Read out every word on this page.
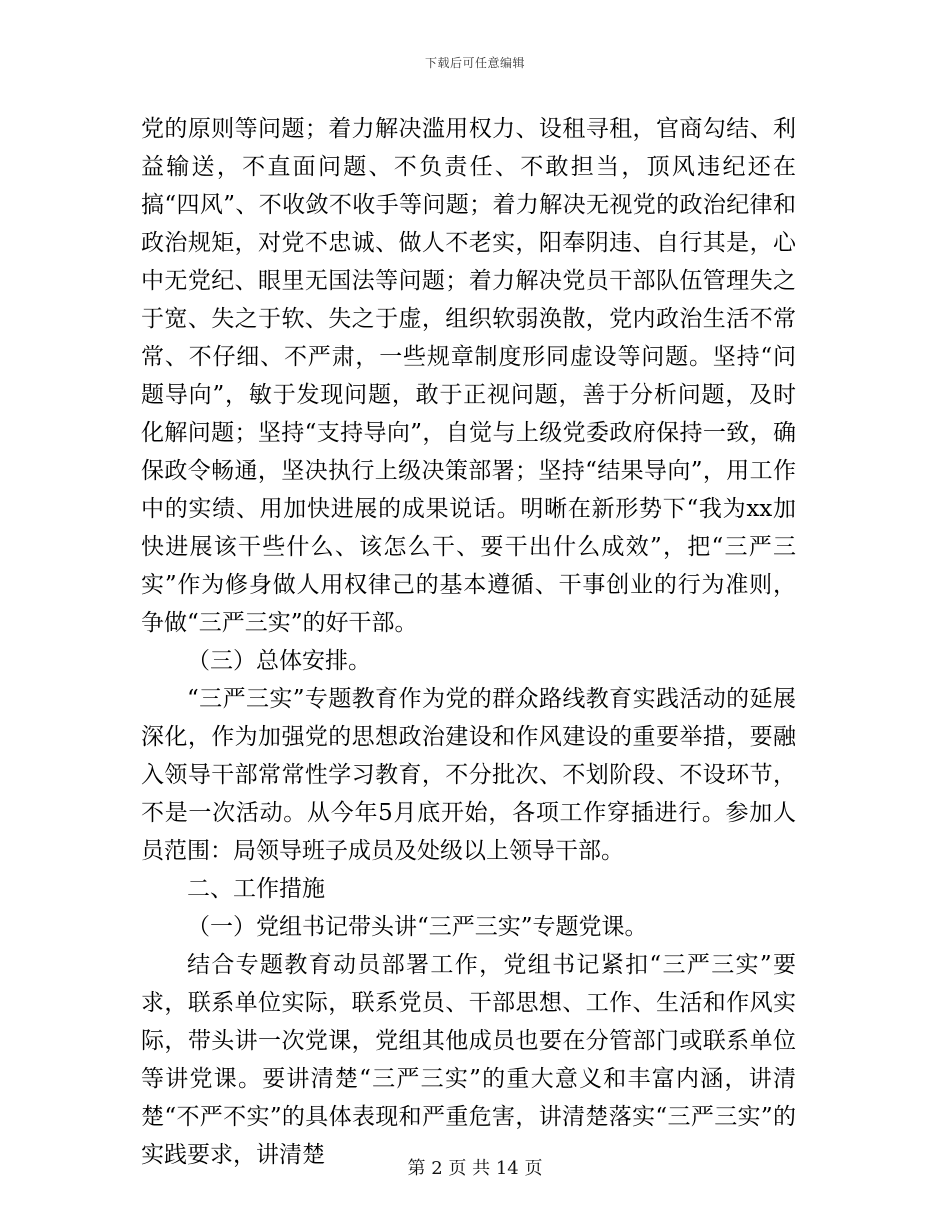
下载后可任意编辑

党的原则等问题；着力解决滥用权力、设租寻租，官商勾结、利益输送，不直面问题、不负责任、不敢担当，顶风违纪还在搞“四风”、不收敛不收手等问题；着力解决无视党的政治纪律和政治规矩，对党不忠诚、做人不老实，阳奉阴违、自行其是，心中无党纪、眼里无国法等问题；着力解决党员干部队伍管理失之于宽、失之于软、失之于虚，组织软弱涣散，党内政治生活不常常、不仔细、不严肃，一些规章制度形同虚设等问题。坚持“问题导向”，敏于发现问题，敢于正视问题，善于分析问题，及时化解问题；坚持“支持导向”，自觉与上级党委政府保持一致，确保政令畅通，坚决执行上级决策部署；坚持“结果导向”，用工作中的实绩、用加快进展的成果说话。明晰在新形势下“我为xx加快进展该干些什么、该怎么干、要干出什么成效”，把“三严三实”作为修身做人用权律己的基本遵循、干事创业的行为准则，争做“三严三实”的好干部。

（三）总体安排。

“三严三实”专题教育作为党的群众路线教育实践活动的延展深化，作为加强党的思想政治建设和作风建设的重要举措，要融入领导干部常常性学习教育，不分批次、不划阶段、不设环节，不是一次活动。从今年5月底开始，各项工作穿插进行。参加人员范围：局领导班子成员及处级以上领导干部。

二、工作措施

（一）党组书记带头讲“三严三实”专题党课。

结合专题教育动员部署工作，党组书记紧扣“三严三实”要求，联系单位实际，联系党员、干部思想、工作、生活和作风实际，带头讲一次党课，党组其他成员也要在分管部门或联系单位等讲党课。要讲清楚“三严三实”的重大意义和丰富内涵，讲清楚“不严不实”的具体表现和严重危害，讲清楚落实“三严三实”的实践要求，讲清楚

第 2 页 共 14 页
